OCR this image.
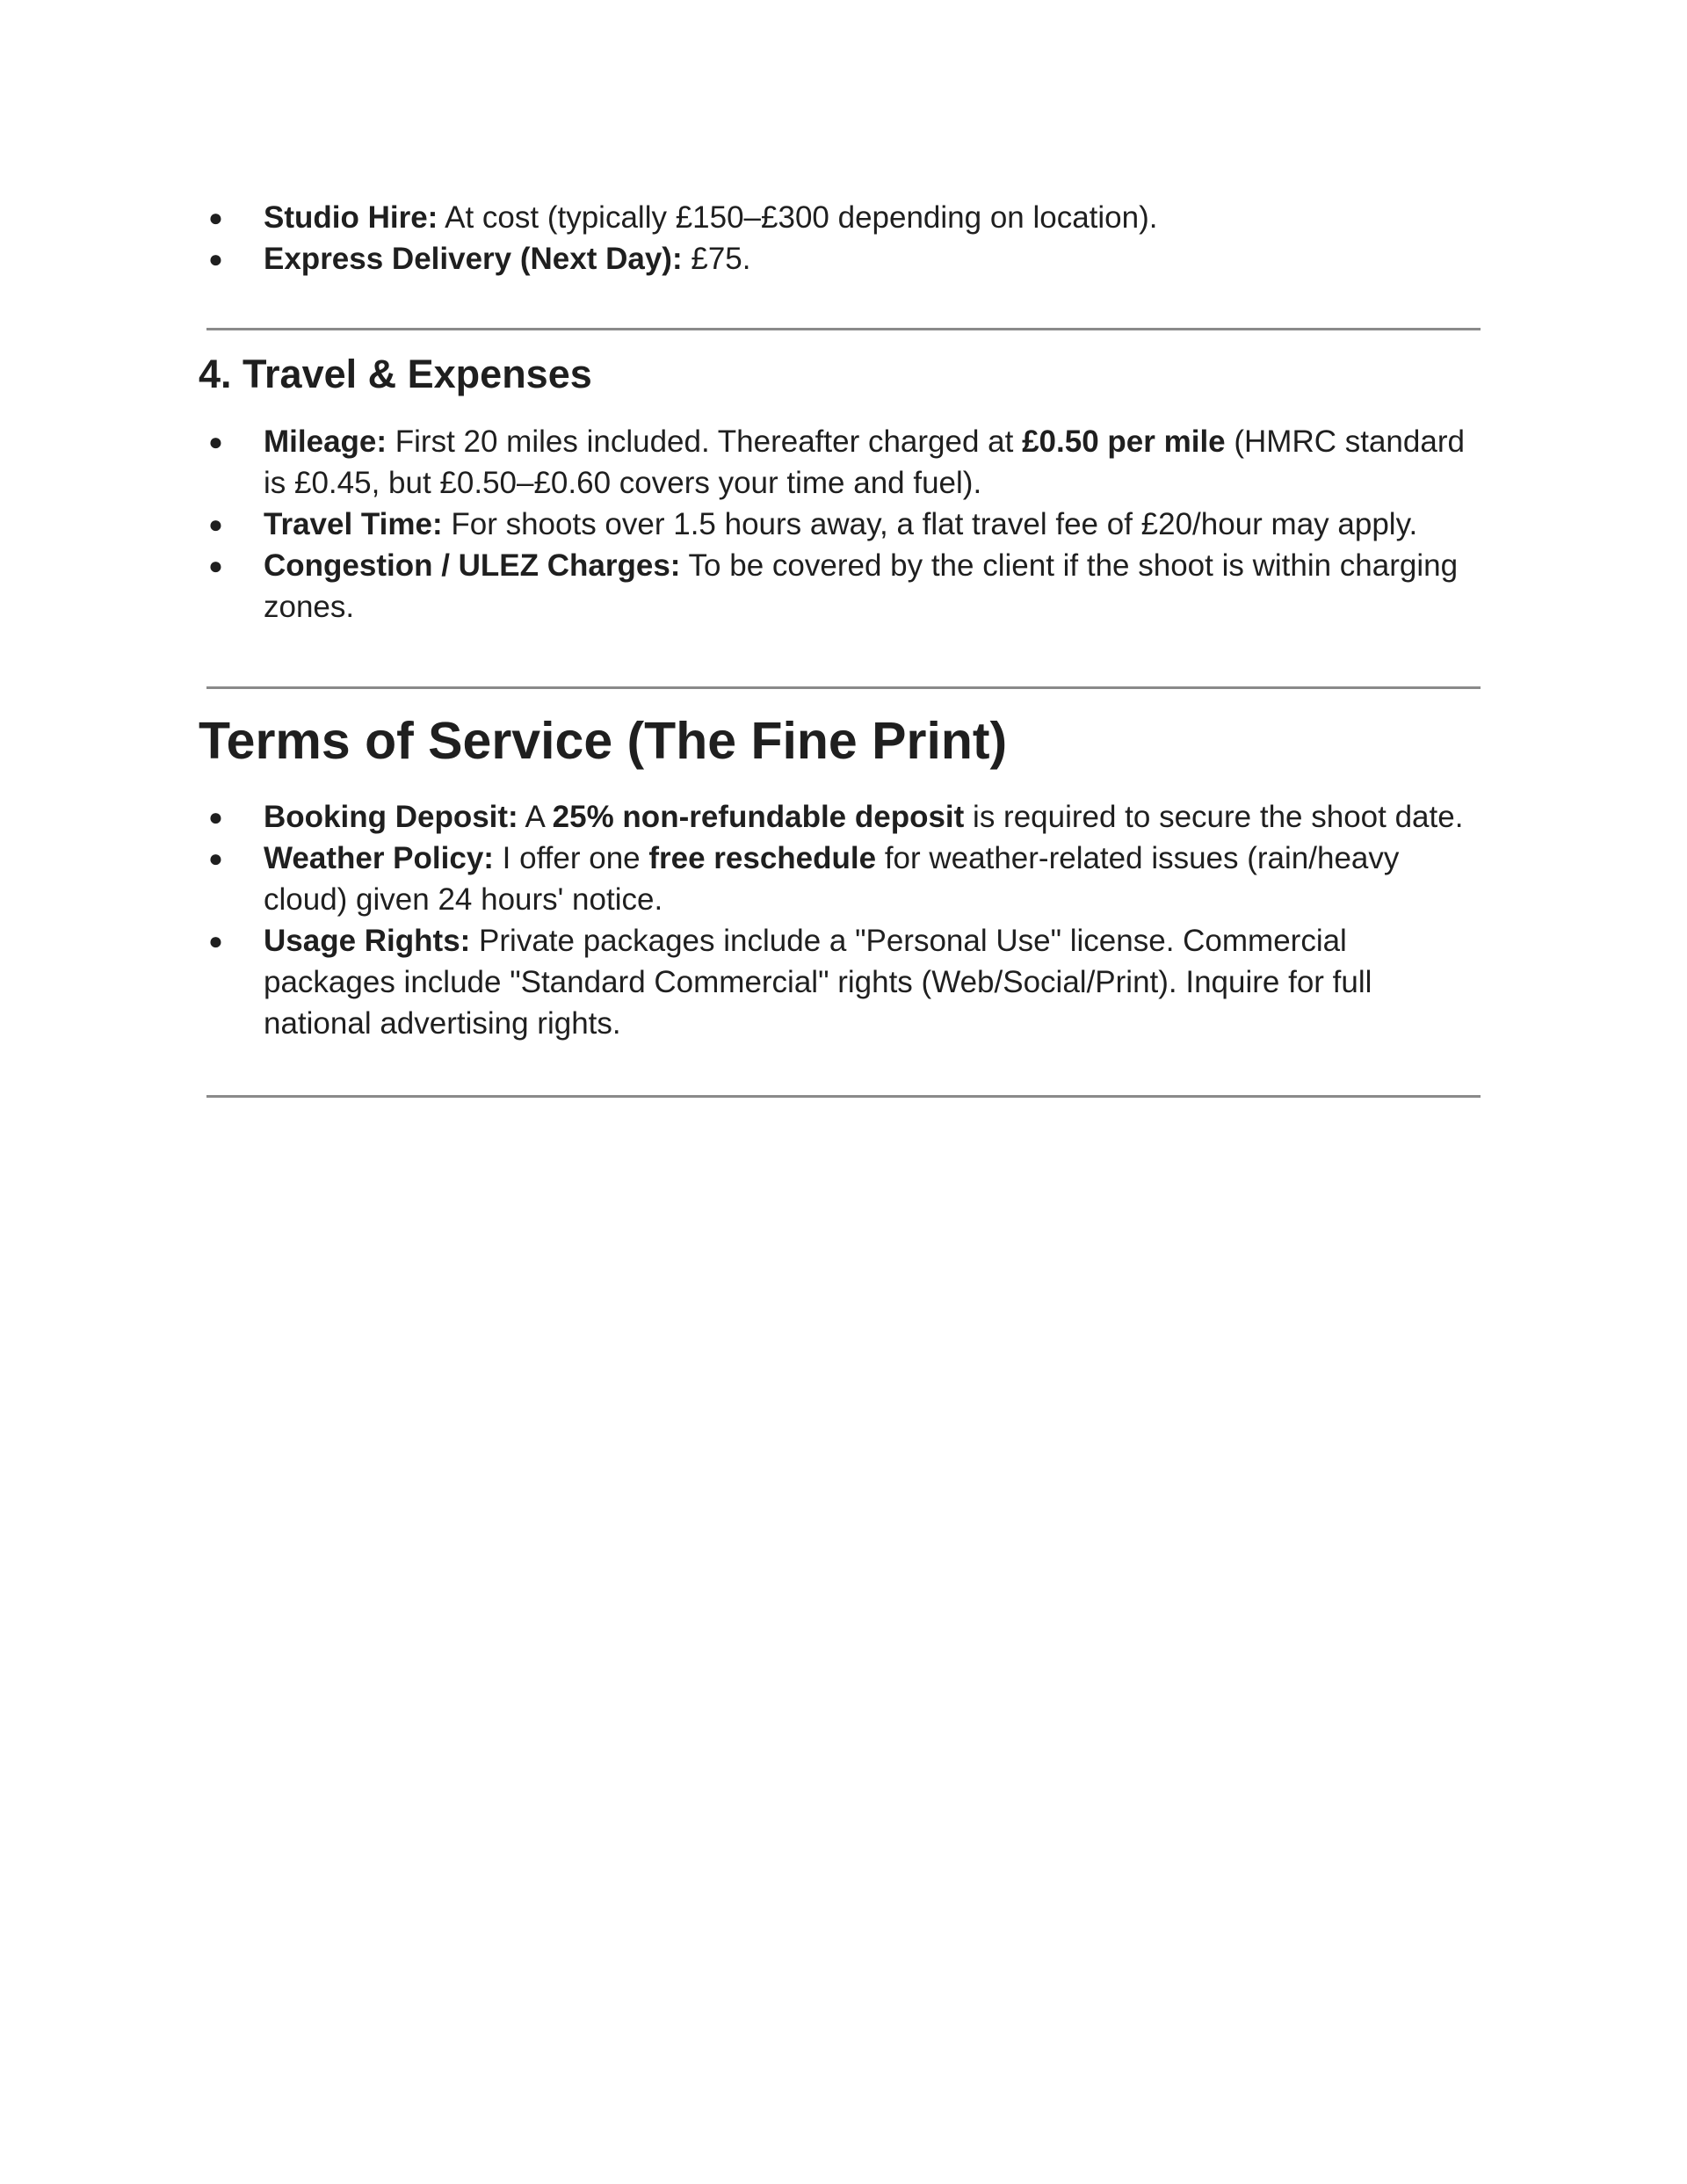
●	Studio Hire: At cost (typically £150–£300 depending on location).
●	Express Delivery (Next Day): £75.
4. Travel & Expenses
●	Mileage: First 20 miles included. Thereafter charged at £0.50 per mile (HMRC standard is £0.45, but £0.50–£0.60 covers your time and fuel).
●	Travel Time: For shoots over 1.5 hours away, a flat travel fee of £20/hour may apply.
●	Congestion / ULEZ Charges: To be covered by the client if the shoot is within charging zones.
Terms of Service (The Fine Print)
●	Booking Deposit: A 25% non-refundable deposit is required to secure the shoot date.
●	Weather Policy: I offer one free reschedule for weather-related issues (rain/heavy cloud) given 24 hours' notice.
●	Usage Rights: Private packages include a "Personal Use" license. Commercial packages include "Standard Commercial" rights (Web/Social/Print). Inquire for full national advertising rights.
